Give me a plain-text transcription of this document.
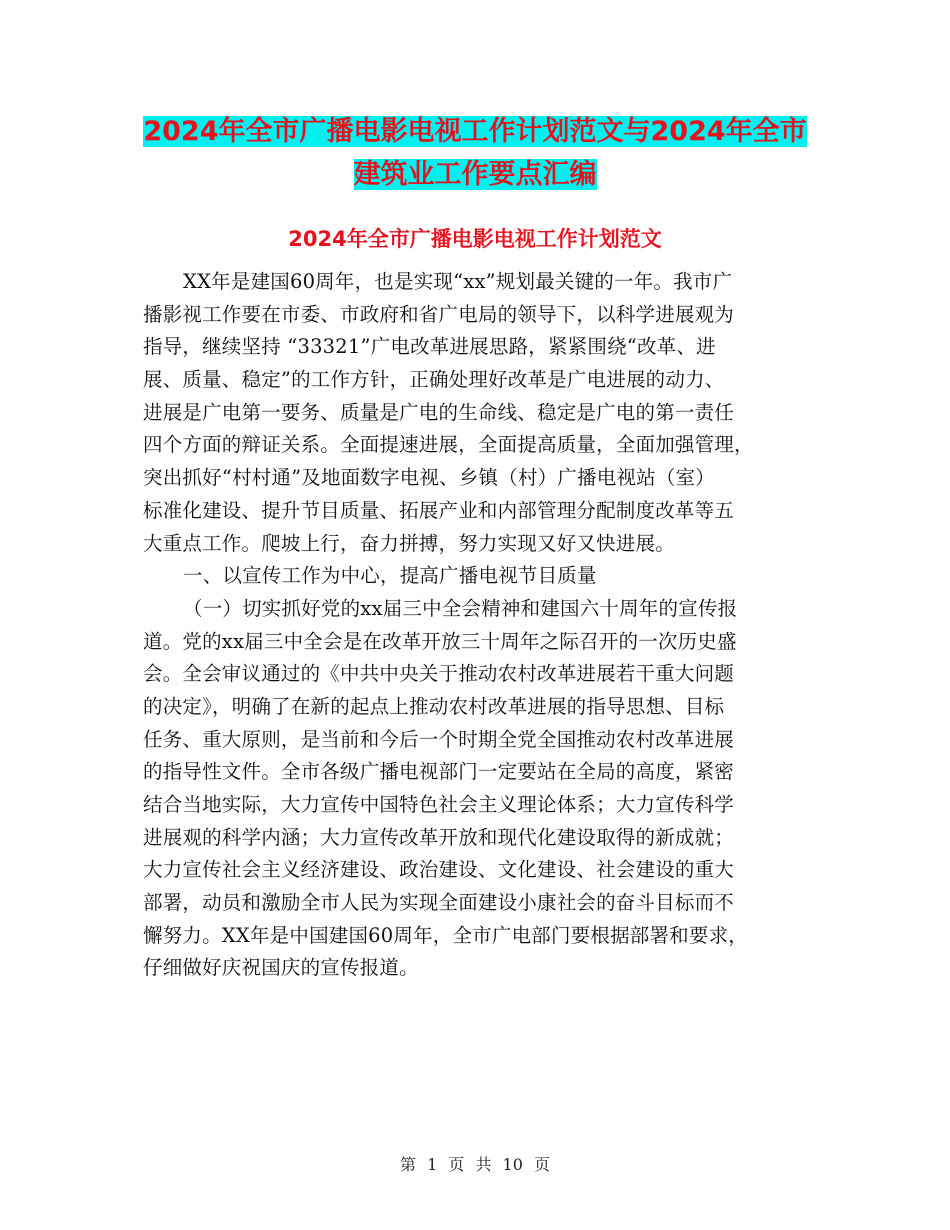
2024年全市广播电影电视工作计划范文与2024年全市
建筑业工作要点汇编
2024年全市广播电影电视工作计划范文
XX年是建国60周年，也是实现“xx”规划最关键的一年。我市广
播影视工作要在市委、市政府和省广电局的领导下，以科学进展观为
指导，继续坚持 “33321”广电改革进展思路，紧紧围绕“改革、进
展、质量、稳定”的工作方针，正确处理好改革是广电进展的动力、
进展是广电第一要务、质量是广电的生命线、稳定是广电的第一责任
四个方面的辩证关系。全面提速进展，全面提高质量，全面加强管理，
突出抓好“村村通”及地面数字电视、乡镇（村）广播电视站（室）
标准化建设、提升节目质量、拓展产业和内部管理分配制度改革等五
大重点工作。爬坡上行，奋力拼搏，努力实现又好又快进展。
一、以宣传工作为中心，提高广播电视节目质量
（一）切实抓好党的xx届三中全会精神和建国六十周年的宣传报
道。党的xx届三中全会是在改革开放三十周年之际召开的一次历史盛
会。全会审议通过的《中共中央关于推动农村改革进展若干重大问题
的决定》，明确了在新的起点上推动农村改革进展的指导思想、目标
任务、重大原则，是当前和今后一个时期全党全国推动农村改革进展
的指导性文件。全市各级广播电视部门一定要站在全局的高度，紧密
结合当地实际，大力宣传中国特色社会主义理论体系；大力宣传科学
进展观的科学内涵；大力宣传改革开放和现代化建设取得的新成就；
大力宣传社会主义经济建设、政治建设、文化建设、社会建设的重大
部署，动员和激励全市人民为实现全面建设小康社会的奋斗目标而不
懈努力。XX年是中国建国60周年，全市广电部门要根据部署和要求，
仔细做好庆祝国庆的宣传报道。
第 1 页 共 10 页
